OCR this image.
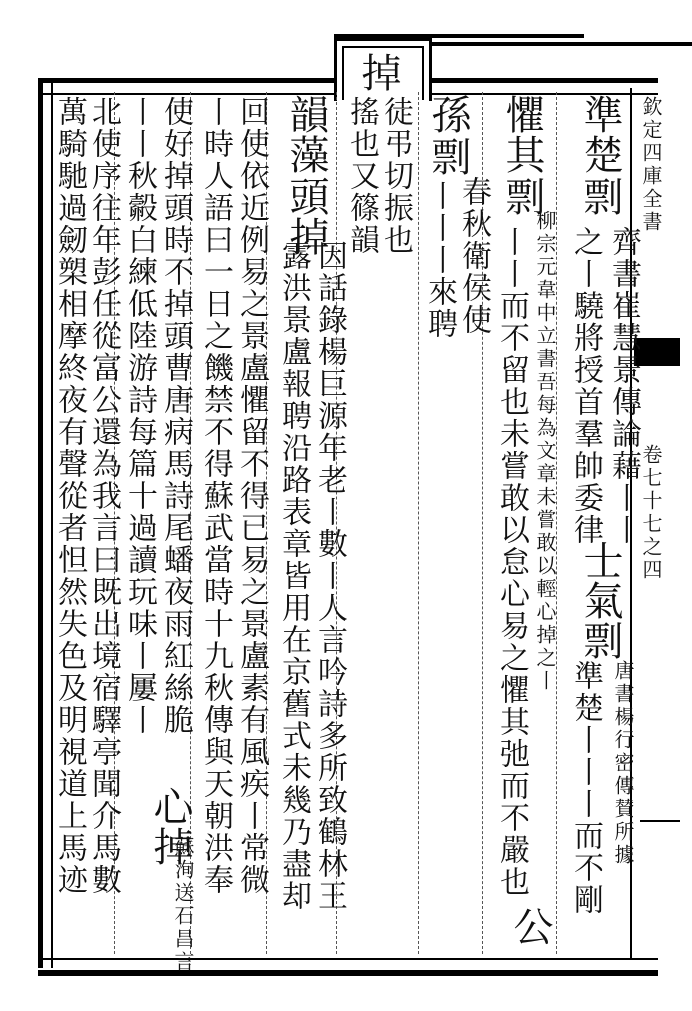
掉
欽定四庫全書
卷七十七之四
準楚
剽
齊書崔慧景傳論藉丨丨
之丨驍將授首羣帥委律
士氣
剽
唐書楊行密傳賛所據
準楚丨丨丨而不剛
懼其
剽
柳宗元韋中立書吾每為文章未嘗敢以輕心掉之丨
丨丨而不留也未嘗敢以怠心易之懼其弛而不嚴也
公
孫
剽
春秋衛侯使
丨丨丨來聘
徒弔切振也
搖也又篠韻
韻藻
頭掉
因話錄楊巨源年老丨數丨人言吟詩多所致鶴林王
露洪景盧報聘沿路表章皆用在京舊式未幾乃盡却
回使依近例易之景盧懼留不得已易之景盧素有風疾丨常微
丨時人語曰一日之饑禁不得蘇武當時十九秋傳與天朝洪奉
使好掉頭時不掉頭曹唐病馬詩尾蟠夜雨紅絲脆
心掉
蘇洵送石昌言
丨丨秋㲉白練低陸游詩每篇十過讀玩味丨屢丨
北使序往年彭任從富公還為我言曰既出境宿驛亭聞介馬數
萬騎馳過劒槊相摩終夜有聲從者怛然失色及明視道上馬迹
